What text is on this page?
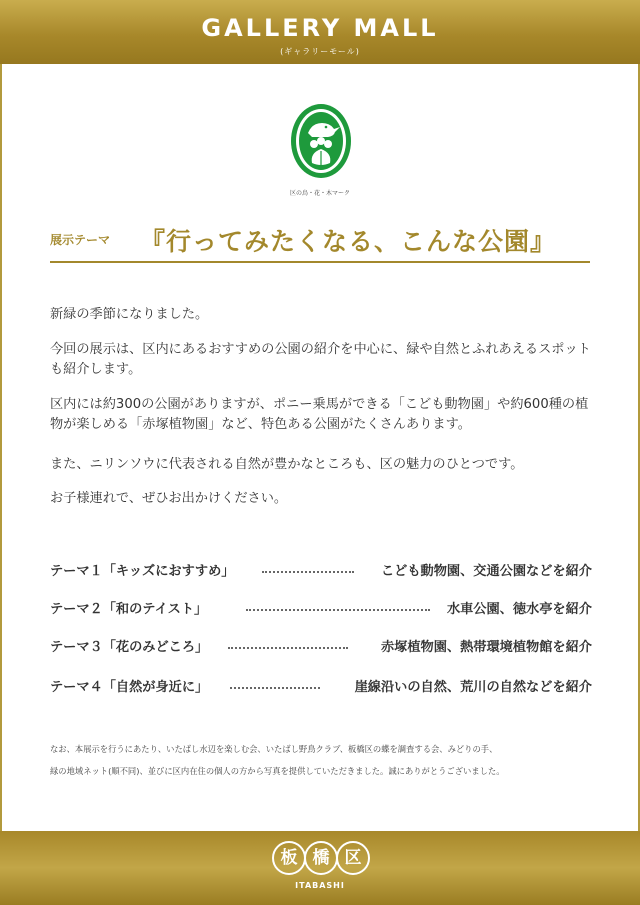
GALLERY MALL
(ギャラリーモール)
区の鳥・花・木マーク
展示テーマ 『行ってみたくなる、こんな公園』
新緑の季節になりました。
今回の展示は、区内にあるおすすめの公園の紹介を中心に、緑や自然とふれあえるスポットも紹介します。
区内には約300の公園がありますが、ポニー乗馬ができる「こども動物園」や約600種の植物が楽しめる「赤塚植物園」など、特色ある公園がたくさんあります。
また、ニリンソウに代表される自然が豊かなところも、区の魅力のひとつです。
お子様連れで、ぜひお出かけください。
テーマ１「キッズにおすすめ」	こども動物園、交通公園などを紹介
テーマ２「和のテイスト」	水車公園、徳水亭を紹介
テーマ３「花のみどころ」	赤塚植物園、熱帯環境植物館を紹介
テーマ４「自然が身近に」	崖線沿いの自然、荒川の自然などを紹介
なお、本展示を行うにあたり、いたばし水辺を楽しむ会、いたばし野鳥クラブ、板橋区の蝶を調査する会、みどりの手、
緑の地域ネット(順不同)、並びに区内在住の個人の方から写真を提供していただきました。誠にありがとうございました。
板 橋 区
ITABASHI
